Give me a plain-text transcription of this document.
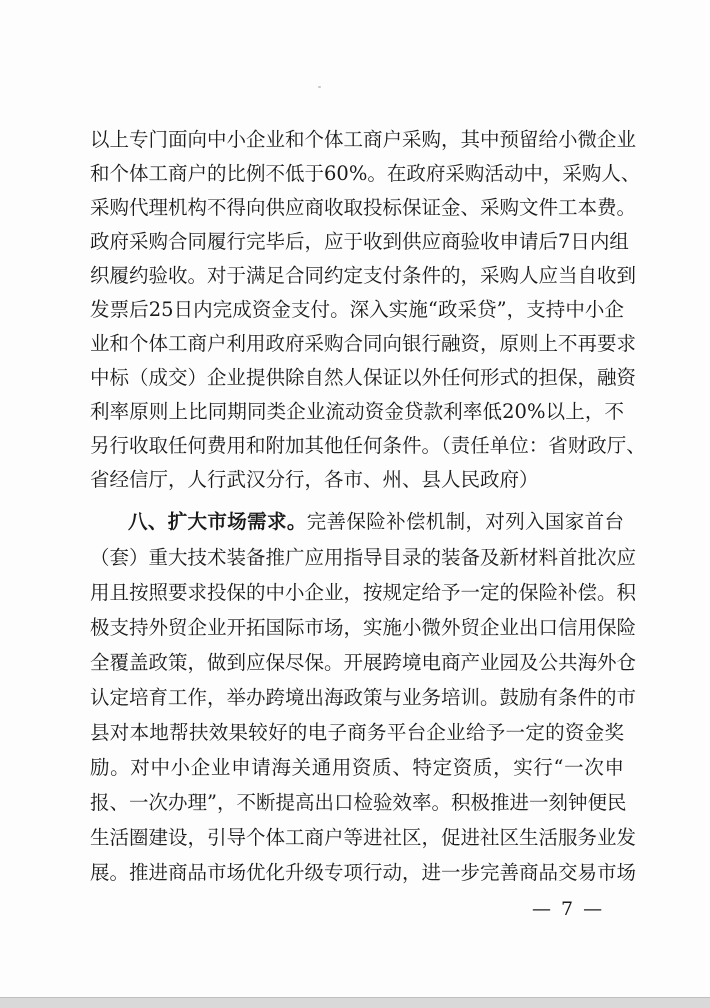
以上专门面向中小企业和个体工商户采购，其中预留给小微企业
和个体工商户的比例不低于60%。在政府采购活动中，采购人、
采购代理机构不得向供应商收取投标保证金、采购文件工本费。
政府采购合同履行完毕后，应于收到供应商验收申请后7日内组
织履约验收。对于满足合同约定支付条件的，采购人应当自收到
发票后25日内完成资金支付。深入实施“政采贷”，支持中小企
业和个体工商户利用政府采购合同向银行融资，原则上不再要求
中标（成交）企业提供除自然人保证以外任何形式的担保，融资
利率原则上比同期同类企业流动资金贷款利率低20%以上，不
另行收取任何费用和附加其他任何条件。（责任单位：省财政厅、
省经信厅，人行武汉分行，各市、州、县人民政府）
八、扩大市场需求。完善保险补偿机制，对列入国家首台
（套）重大技术装备推广应用指导目录的装备及新材料首批次应
用且按照要求投保的中小企业，按规定给予一定的保险补偿。积
极支持外贸企业开拓国际市场，实施小微外贸企业出口信用保险
全覆盖政策，做到应保尽保。开展跨境电商产业园及公共海外仓
认定培育工作，举办跨境出海政策与业务培训。鼓励有条件的市
县对本地帮扶效果较好的电子商务平台企业给予一定的资金奖
励。对中小企业申请海关通用资质、特定资质，实行“一次申
报、一次办理”，不断提高出口检验效率。积极推进一刻钟便民
生活圈建设，引导个体工商户等进社区，促进社区生活服务业发
展。推进商品市场优化升级专项行动，进一步完善商品交易市场
— 7 —
